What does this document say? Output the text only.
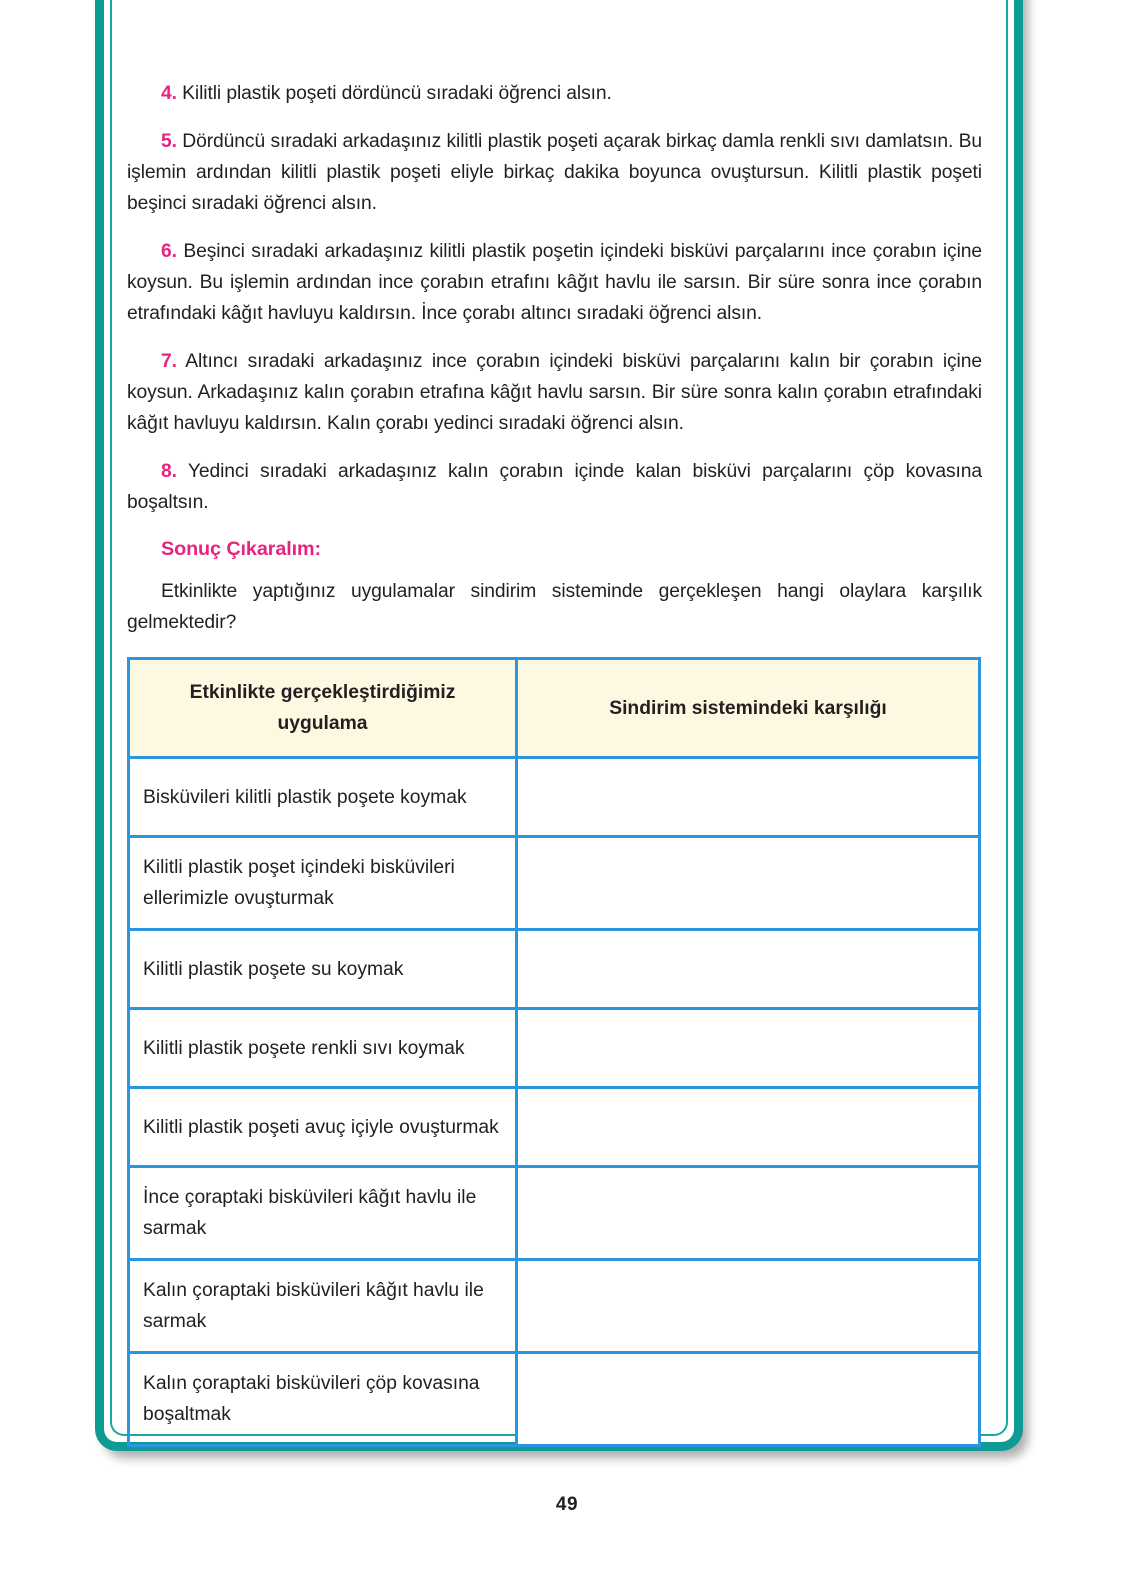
4. Kilitli plastik poşeti dördüncü sıradaki öğrenci alsın.

5. Dördüncü sıradaki arkadaşınız kilitli plastik poşeti açarak birkaç damla renkli sıvı damlatsın. Bu işlemin ardından kilitli plastik poşeti eliyle birkaç dakika boyunca ovuştursun. Kilitli plastik poşeti beşinci sıradaki öğrenci alsın.

6. Beşinci sıradaki arkadaşınız kilitli plastik poşetin içindeki bisküvi parçalarını ince çorabın içine koysun. Bu işlemin ardından ince çorabın etrafını kâğıt havlu ile sarsın. Bir süre sonra ince çorabın etrafındaki kâğıt havluyu kaldırsın. İnce çorabı altıncı sıradaki öğrenci alsın.

7. Altıncı sıradaki arkadaşınız ince çorabın içindeki bisküvi parçalarını kalın bir çorabın içine koysun. Arkadaşınız kalın çorabın etrafına kâğıt havlu sarsın. Bir süre sonra kalın çorabın etrafındaki kâğıt havluyu kaldırsın. Kalın çorabı yedinci sıradaki öğrenci alsın.

8. Yedinci sıradaki arkadaşınız kalın çorabın içinde kalan bisküvi parçalarını çöp kovasına boşaltsın.

Sonuç Çıkaralım:

Etkinlikte yaptığınız uygulamalar sindirim sisteminde gerçekleşen hangi olaylara karşılık gelmektedir?

Etkinlikte gerçekleştirdiğimiz uygulama	Sindirim sistemindeki karşılığı
Bisküvileri kilitli plastik poşete koymak	
Kilitli plastik poşet içindeki bisküvileri ellerimizle ovuşturmak	
Kilitli plastik poşete su koymak	
Kilitli plastik poşete renkli sıvı koymak	
Kilitli plastik poşeti avuç içiyle ovuşturmak	
İnce çoraptaki bisküvileri kâğıt havlu ile sarmak	
Kalın çoraptaki bisküvileri kâğıt havlu ile sarmak	
Kalın çoraptaki bisküvileri çöp kovasına boşaltmak	
49
